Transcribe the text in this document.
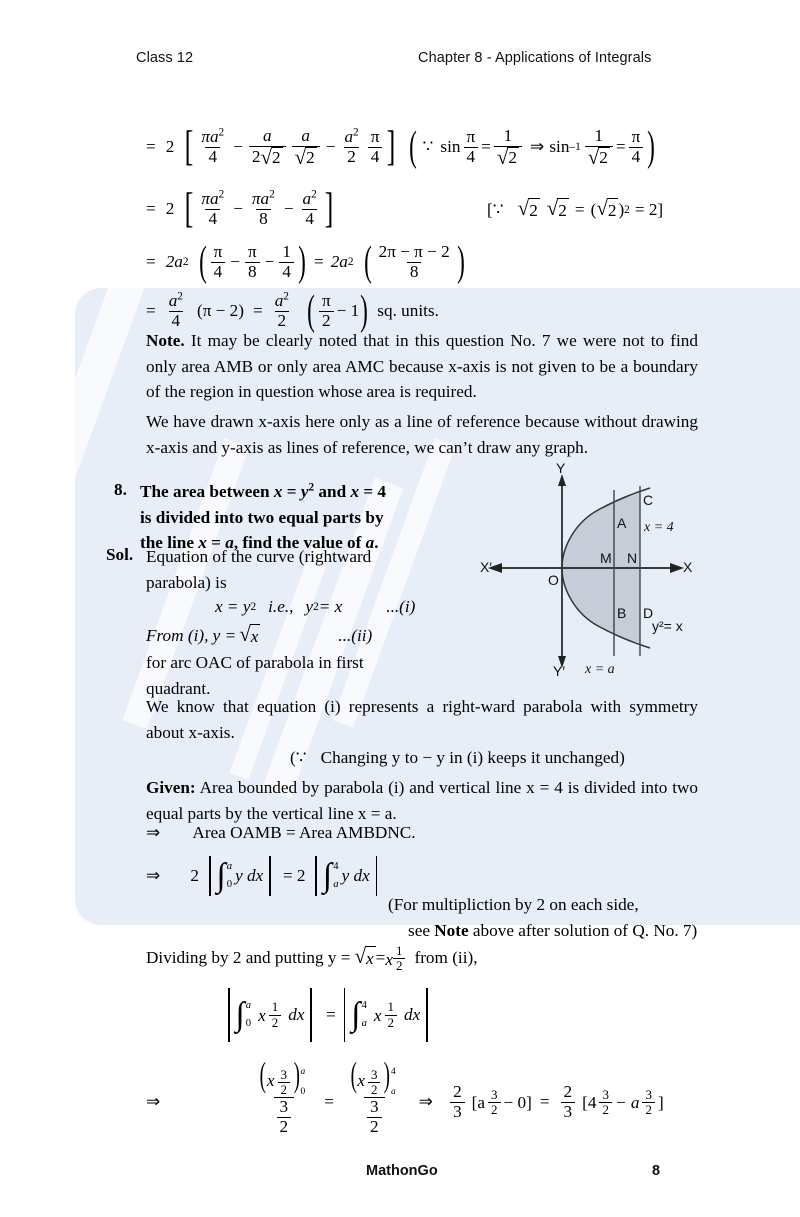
Class 12	Chapter 8 - Applications of Integrals
= 2 [ $\frac{\pi a^2}{4} - \frac{a}{2 √ 2} \frac{a}{√ 2} - \frac{a^2}{2} \frac{\pi}{4}$ ] ( ∵ $\sin \frac{\pi}{4} = \frac{1}{√ 2}$ ⇒ $\sin -1 \frac{1}{√ 2} = \frac{\pi}{4}$ )
= 2 [ $\frac{\pi a^2}{4} - \frac{\pi a^2}{8} - \frac{a^2}{4}$ ]	[ ∵ √ 2 √ 2 = ( √ 2 ) 2 = 2]
= 2a 2 ( $\frac{\pi}{4} - \frac{\pi}{8} - \frac{1}{4}$ ) = 2a 2 ( $\frac{2\pi - \pi - 2}{8}$ )
= $\frac{a^2}{4} (\pi - 2) = \frac{a^2}{2}$ ( $\frac{\pi}{2} - 1$ ) sq. units.
Note. It may be clearly noted that in this question No. 7 we were not to find only area AMB or only area AMC because x-axis is not given to be a boundary of the region in question whose area is required.
We have drawn x-axis here only as a line of reference because without drawing x-axis and y-axis as lines of reference, we can’t draw any graph.
8. The area between $x = y^2$ and x = 4
is divided into two equal parts by
the line x = a, find the value of a.
Sol. Equation of the curve (rightward
parabola) is
x = y 2 i.e., y 2 = x	...(i)
From (i), y = √ x	...(ii)
for arc OAC of parabola in first
quadrant.
We know that equation (i) represents a right-ward parabola with symmetry about x-axis.
(∵ Changing y to − y in (i) keeps it unchanged)
Given: Area bounded by parabola (i) and vertical line x = 4 is divided into two equal parts by the vertical line x = a.
⇒ Area OAMB = Area AMBDNC.
⇒ 2 ∫ a
0 y dx = 2 ∫ 4
a y dx
(For multipliction by 2 on each side,
see Note above after solution of Q. No. 7)
Dividing by 2 and putting y = √ x = x $\frac{1}{2}$ from (ii),
∫ a
0 x $\frac{1}{2}$ dx = ∫ 4
a x $\frac{1}{2}$ dx
⇒
( x $\frac{3}{2}$ ) a
0
$\frac{3}{2}$ =
( x $\frac{3}{2}$ ) 4
a
$\frac{3}{2}$ ⇒ $\frac{2}{3} [a \frac{3}{2} - 0] = \frac{2}{3} [4 \frac{3}{2} - a \frac{3}{2}$ ]
Y
Y′
X
X′
O
A
B
C
D
M N
x = 4
x = a
y²= x
MathonGo	8
